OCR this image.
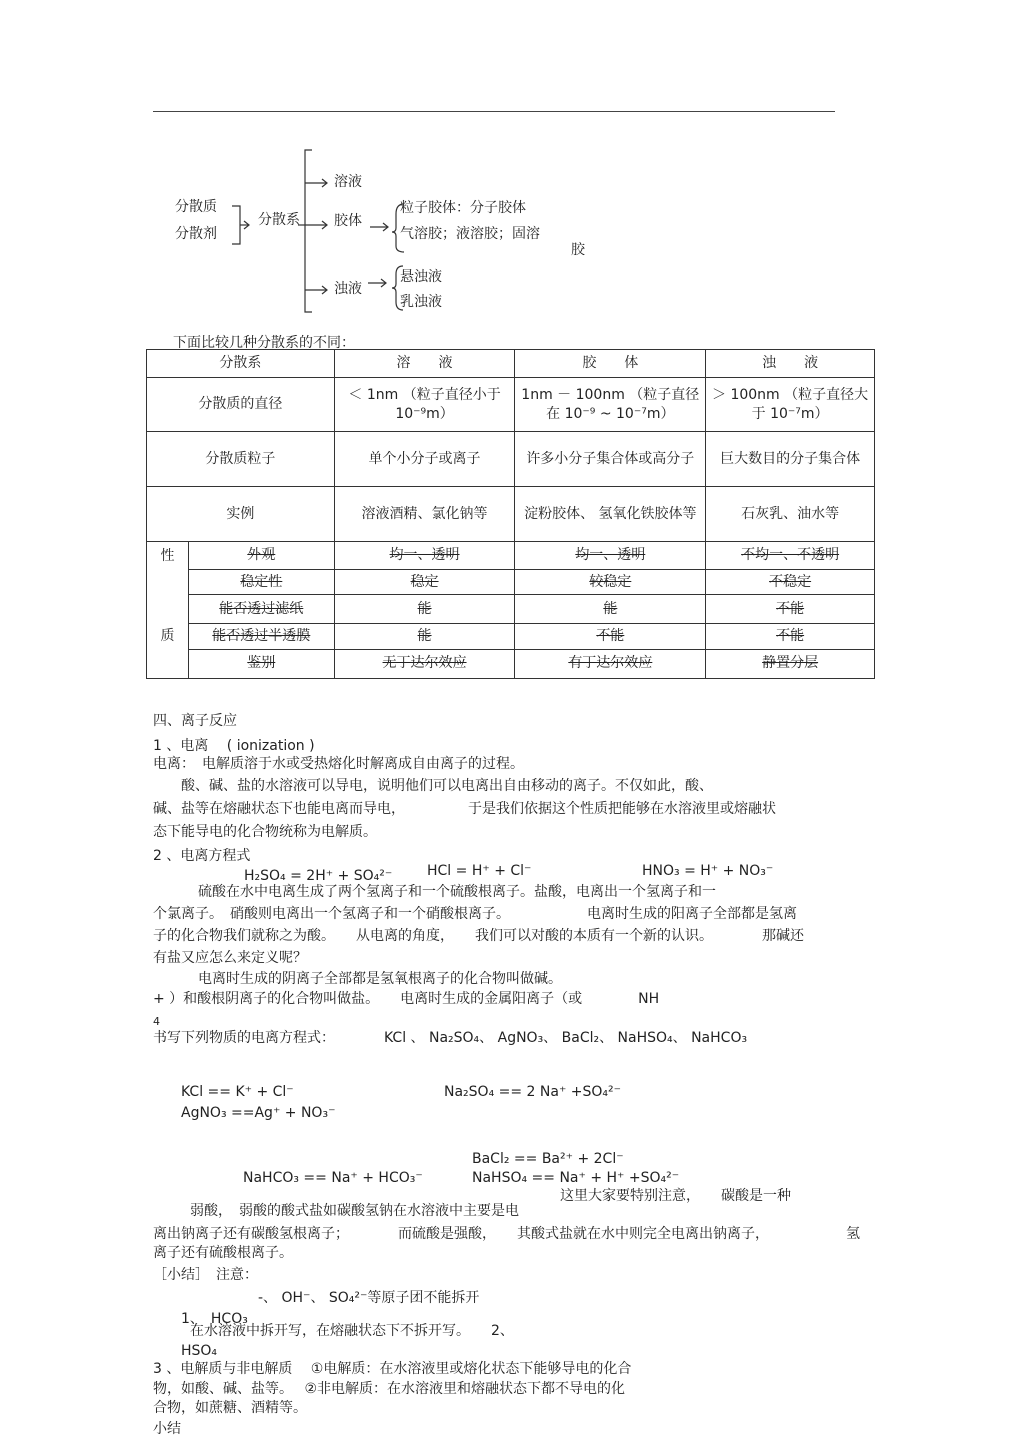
分散质
分散剂
分散系
溶液
胶体
浊液
粒子胶体：分子胶体
气溶胶；液溶胶；固溶
胶
悬浊液
乳浊液
下面比较几种分散系的不同：
分散系		溶　　液	胶　　体	浊　　液
分散质的直径		＜ 1nm （粒子直径小于 10⁻⁹m）	1nm － 100nm （粒子直径在 10⁻⁹ ~ 10⁻⁷m）	＞ 100nm （粒子直径大于 10⁻⁷m）
分散质粒子		单个小分子或离子	许多小分子集合体或高分子	巨大数目的分子集合体
实例		溶液酒精、氯化钠等	淀粉胶体、 氢氧化铁胶体等	石灰乳、油水等

性
质	外观	均一、透明	均一、透明	不均一、不透明
	稳定性	稳定	较稳定	不稳定
	能否透过滤纸	能	能	不能
	能否透过半透膜	能	不能	不能
	鉴别	无丁达尔效应	有丁达尔效应	静置分层
四、离子反应
1 、电离　 ( ionization )
电离：　电解质溶于水或受热熔化时解离成自由离子的过程。
酸、碱、盐的水溶液可以导电，说明他们可以电离出自由移动的离子。不仅如此，酸、
碱、盐等在熔融状态下也能电离而导电，　　　　　于是我们依据这个性质把能够在水溶液里或熔融状
态下能导电的化合物统称为电解质。
2 、电离方程式
H₂SO₄ = 2H⁺ + SO₄²⁻ HCl = H⁺ + Cl⁻	HNO₃ = H⁺ + NO₃⁻
硫酸在水中电离生成了两个氢离子和一个硫酸根离子。盐酸，电离出一个氢离子和一
个氯离子。　硝酸则电离出一个氢离子和一个硝酸根离子。　　　　　　电离时生成的阳离子全部都是氢离
子的化合物我们就称之为酸。　　从电离的角度，　　我们可以对酸的本质有一个新的认识。　　　　那碱还
有盐又应怎么来定义呢？
电离时生成的阴离子全部都是氢氧根离子的化合物叫做碱。
+ ）和酸根阴离子的化合物叫做盐。　　电离时生成的金属阳离子（或　　　　NH
4
书写下列物质的电离方程式：　　　　KCl 、 Na₂SO₄、 AgNO₃、 BaCl₂、 NaHSO₄、 NaHCO₃
KCl == K⁺ + Cl⁻	Na₂SO₄ == 2 Na⁺ +SO₄²⁻
AgNO₃ ==Ag⁺ + NO₃⁻
BaCl₂ == Ba²⁺ + 2Cl⁻
NaHCO₃ == Na⁺ + HCO₃⁻	NaHSO₄ == Na⁺ + H⁺ +SO₄²⁻
这里大家要特别注意，　　碳酸是一种
弱酸，　弱酸的酸式盐如碳酸氢钠在水溶液中主要是电
离出钠离子还有碳酸氢根离子；　　　　而硫酸是强酸，　　其酸式盐就在水中则完全电离出钠离子，　　　　　　氢
离子还有硫酸根离子。
［小结］　注意：
-、 OH⁻、 SO₄²⁻等原子团不能拆开
1、　HCO₃
在水溶液中拆开写，在熔融状态下不拆开写。　　2、
HSO₄
3 、电解质与非电解质　 ①电解质：在水溶液里或熔化状态下能够导电的化合
物，如酸、碱、盐等。　 ②非电解质：在水溶液里和熔融状态下都不导电的化
合物，如蔗糖、酒精等。
小结
